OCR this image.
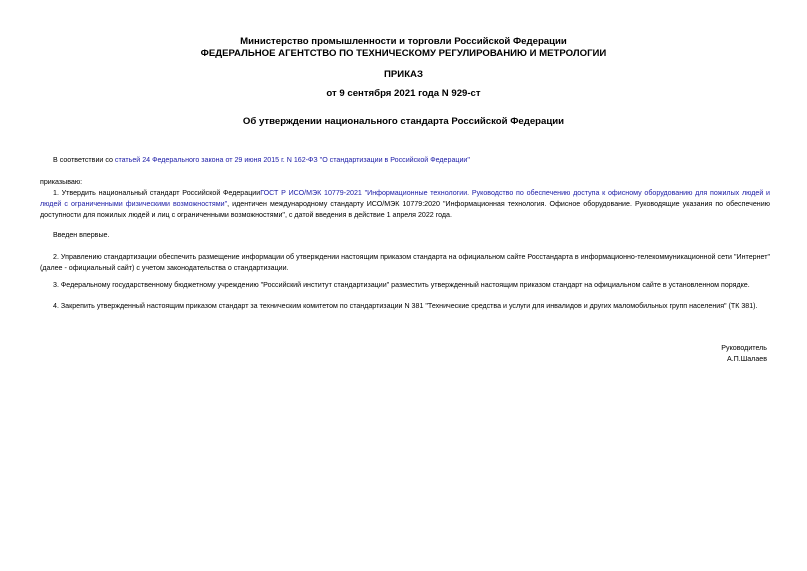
Министерство промышленности и торговли Российской Федерации
ФЕДЕРАЛЬНОЕ АГЕНТСТВО ПО ТЕХНИЧЕСКОМУ РЕГУЛИРОВАНИЮ И МЕТРОЛОГИИ
ПРИКАЗ
от 9 сентября 2021 года N 929-ст
Об утверждении национального стандарта Российской Федерации
В соответствии со статьей 24 Федерального закона от 29 июня 2015 г. N 162-ФЗ "О стандартизации в Российской Федерации"
приказываю:
1. Утвердить национальный стандарт Российской ФедерацииГОСТ Р ИСО/МЭК 10779-2021 "Информационные технологии. Руководство по обеспечению доступа к офисному оборудованию для пожилых людей и людей с ограниченными физическими возможностями", идентичен международному стандарту ИСО/МЭК 10779:2020 "Информационная технология. Офисное оборудование. Руководящие указания по обеспечению доступности для пожилых людей и лиц с ограниченными возможностями", с датой введения в действие 1 апреля 2022 года.
Введен впервые.
2. Управлению стандартизации обеспечить размещение информации об утверждении настоящим приказом стандарта на официальном сайте Росстандарта в информационно-телекоммуникационной сети "Интернет" (далее - официальный сайт) с учетом законодательства о стандартизации.
3. Федеральному государственному бюджетному учреждению "Российский институт стандартизации" разместить утвержденный настоящим приказом стандарт на официальном сайте в установленном порядке.
4. Закрепить утвержденный настоящим приказом стандарт за техническим комитетом по стандартизации N 381 "Технические средства и услуги для инвалидов и других маломобильных групп населения" (ТК 381).
Руководитель
А.П.Шалаев
